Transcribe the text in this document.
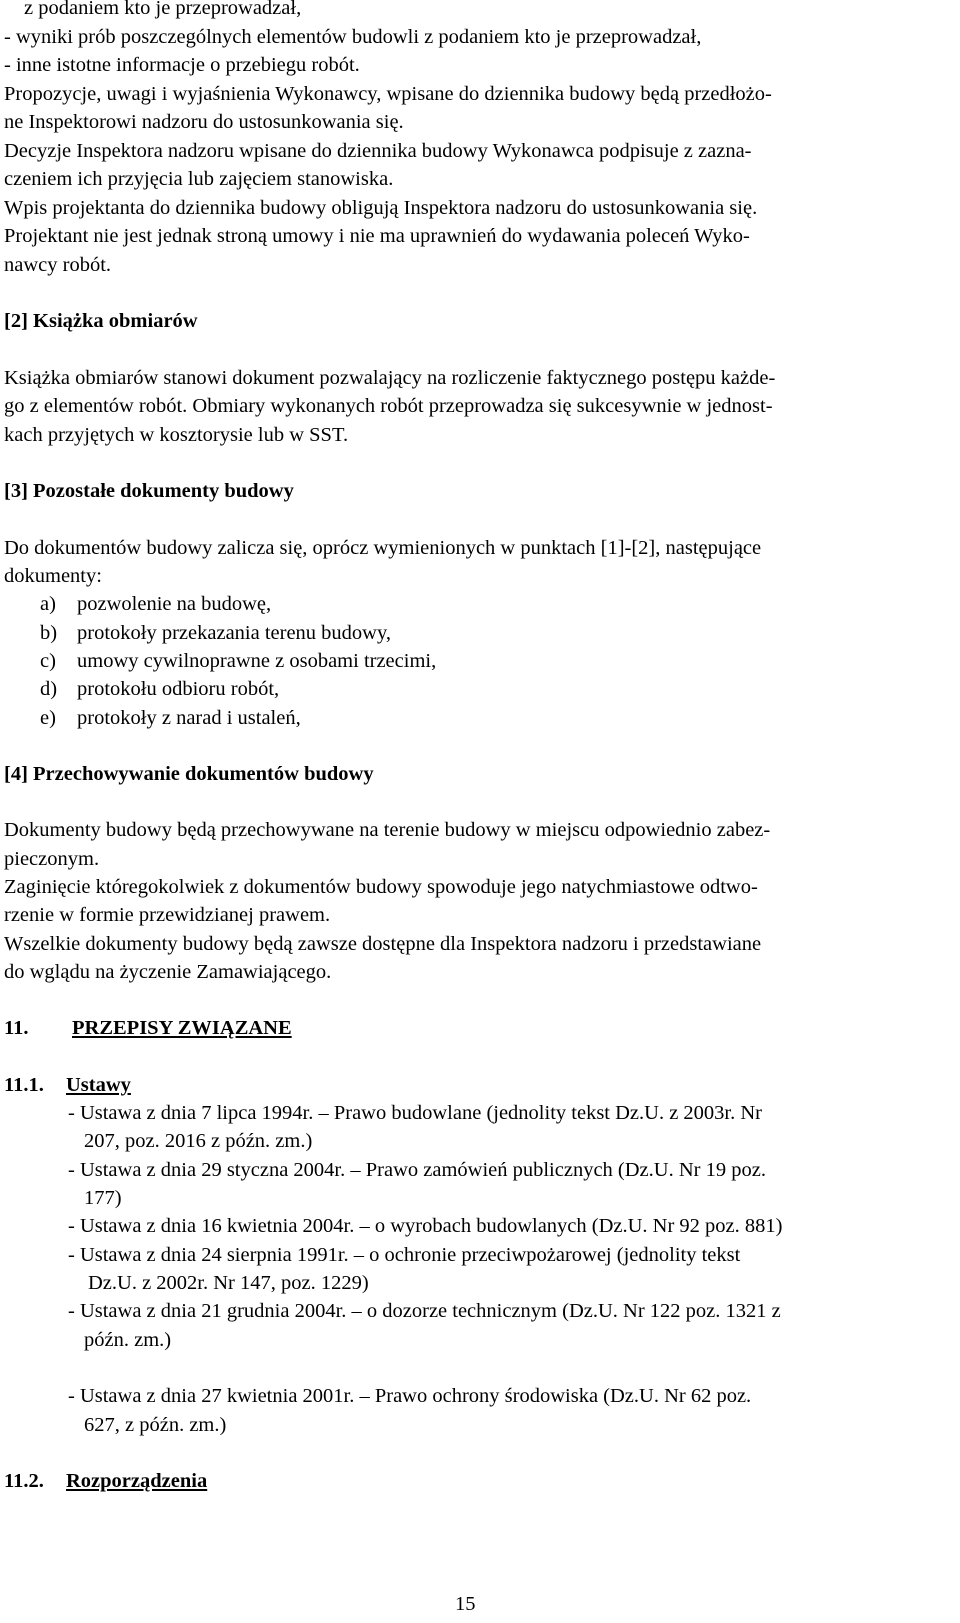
z podaniem kto je przeprowadzał,
- wyniki prób poszczególnych elementów budowli z podaniem kto je przeprowadzał,
- inne istotne informacje o przebiegu robót.
Propozycje, uwagi i wyjaśnienia Wykonawcy, wpisane do dziennika budowy będą przedłożo-
ne Inspektorowi nadzoru do ustosunkowania się.
Decyzje Inspektora nadzoru wpisane do dziennika budowy Wykonawca podpisuje z zazna-
czeniem ich przyjęcia lub zajęciem stanowiska.
Wpis projektanta do dziennika budowy obligują Inspektora nadzoru do ustosunkowania się.
Projektant nie jest jednak stroną umowy i nie ma uprawnień do wydawania poleceń Wyko-
nawcy robót.
[2] Książka obmiarów
Książka obmiarów stanowi dokument pozwalający na rozliczenie faktycznego postępu każde-
go z elementów robót. Obmiary wykonanych robót przeprowadza się sukcesywnie w jednost-
kach przyjętych w kosztorysie lub w SST.
[3] Pozostałe dokumenty budowy
Do dokumentów budowy zalicza się, oprócz wymienionych w punktach [1]-[2], następujące
dokumenty:
a) pozwolenie na budowę,
b) protokoły przekazania terenu budowy,
c) umowy cywilnoprawne z osobami trzecimi,
d) protokołu odbioru robót,
e) protokoły z narad i ustaleń,
[4] Przechowywanie dokumentów budowy
Dokumenty budowy będą przechowywane na terenie budowy w miejscu odpowiednio zabez-
pieczonym.
Zaginięcie któregokolwiek z dokumentów budowy spowoduje jego natychmiastowe odtwo-
rzenie w formie przewidzianej prawem.
Wszelkie dokumenty budowy będą zawsze dostępne dla Inspektora nadzoru i przedstawiane
do wglądu na życzenie Zamawiającego.
11. PRZEPISY ZWIĄZANE
11.1. Ustawy
- Ustawa z dnia 7 lipca 1994r. – Prawo budowlane (jednolity tekst Dz.U. z 2003r. Nr
207, poz. 2016 z późn. zm.)
- Ustawa z dnia 29 styczna 2004r. – Prawo zamówień publicznych (Dz.U. Nr 19 poz.
177)
- Ustawa z dnia 16 kwietnia 2004r. – o wyrobach budowlanych (Dz.U. Nr 92 poz. 881)
- Ustawa z dnia 24 sierpnia 1991r. – o ochronie przeciwpożarowej (jednolity tekst
Dz.U. z 2002r. Nr 147, poz. 1229)
- Ustawa z dnia 21 grudnia 2004r. – o dozorze technicznym (Dz.U. Nr 122 poz. 1321 z
późn. zm.)
- Ustawa z dnia 27 kwietnia 2001r. – Prawo ochrony środowiska (Dz.U. Nr 62 poz.
627, z późn. zm.)
11.2. Rozporządzenia
15
